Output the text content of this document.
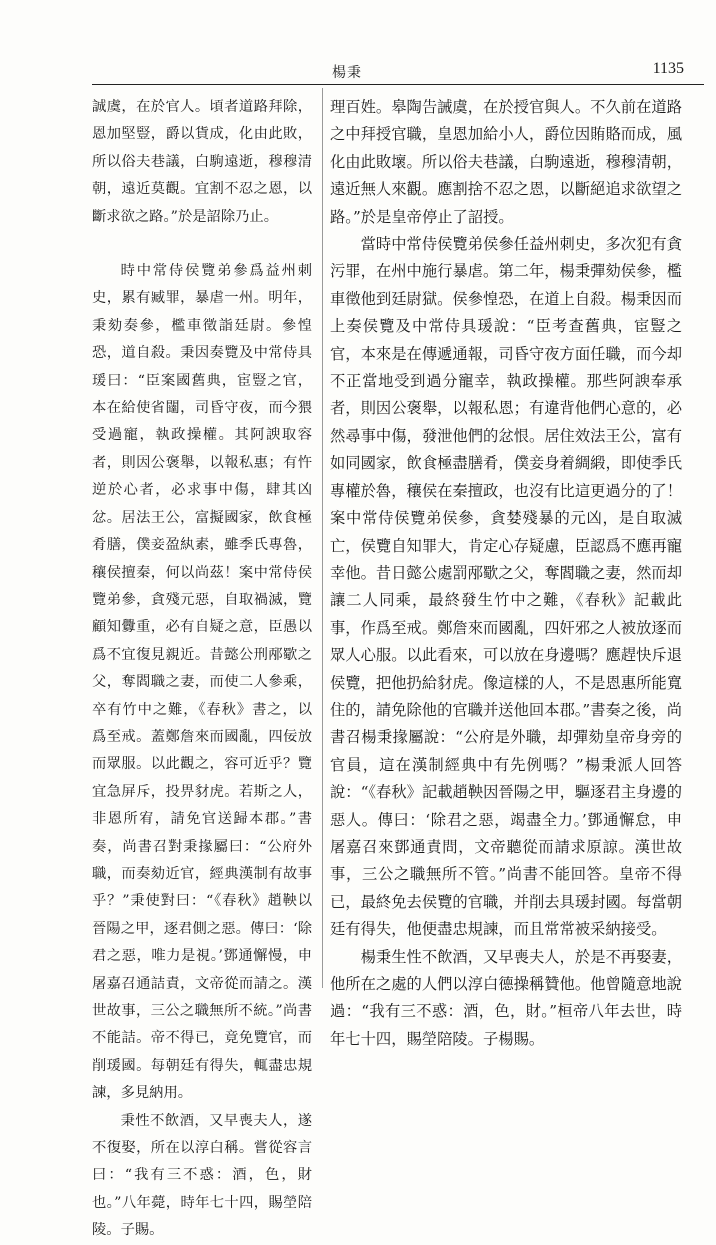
楊秉	1135

誠虞，在於官人。頃者道路拜除，恩加堅豎，爵以貨成，化由此敗，所以俗夫巷議，白駒遠逝，穆穆清朝，遠近莫觀。宜割不忍之恩，以斷求欲之路。”於是詔除乃止。

時中常侍侯覽弟參爲益州刺史，累有臧罪，暴虐一州。明年，秉劾奏參，檻車徵詣廷尉。參惶恐，道自殺。秉因奏覽及中常侍具瑗曰：“臣案國舊典，宦豎之官，本在給使省闥，司昏守夜，而今猥受過寵，執政操權。其阿諛取容者，則因公褒舉，以報私惠；有忤逆於心者，必求事中傷，肆其凶忿。居法王公，富擬國家，飲食極肴膳，僕妾盈紈素，雖季氏專魯，穰侯擅秦，何以尚茲！案中常侍侯覽弟參，貪殘元惡，自取禍滅，覽顧知釁重，必有自疑之意，臣愚以爲不宜復見親近。昔懿公刑邴歜之父，奪閻職之妻，而使二人參乘，卒有竹中之難，《春秋》書之，以爲至戒。蓋鄭詹來而國亂，四佞放而眾服。以此觀之，容可近乎？覽宜急屏斥，投畀豺虎。若斯之人，非恩所宥，請免官送歸本郡。”書奏，尚書召對秉掾屬曰：“公府外職，而奏劾近官，經典漢制有故事乎？”秉使對曰：“《春秋》趙鞅以晉陽之甲，逐君側之惡。傳曰：‘除君之惡，唯力是視。’鄧通懈慢，申屠嘉召通詰責，文帝從而請之。漢世故事，三公之職無所不統。”尚書不能詰。帝不得已，竟免覽官，而削瑗國。每朝廷有得失，輒盡忠規諫，多見納用。

秉性不飲酒，又早喪夫人，遂不復娶，所在以淳白稱。嘗從容言曰：“我有三不惑：酒，色，財也。”八年薨，時年七十四，賜塋陪陵。子賜。

理百姓。皋陶告誡虞，在於授官與人。不久前在道路之中拜授官職，皇恩加給小人，爵位因賄賂而成，風化由此敗壞。所以俗夫巷議，白駒遠逝，穆穆清朝，遠近無人來觀。應割捨不忍之恩，以斷絕追求欲望之路。”於是皇帝停止了詔授。

當時中常侍侯覽弟侯參任益州刺史，多次犯有貪污罪，在州中施行暴虐。第二年，楊秉彈劾侯參，檻車徵他到廷尉獄。侯參惶恐，在道上自殺。楊秉因而上奏侯覽及中常侍具瑗說：“臣考查舊典，宦豎之官，本來是在傳遞通報，司昏守夜方面任職，而今却不正當地受到過分寵幸，執政操權。那些阿諛奉承者，則因公褒舉，以報私恩；有違背他們心意的，必然尋事中傷，發泄他們的忿恨。居住效法王公，富有如同國家，飲食極盡膳肴，僕妾身着綢緞，即使季氏專權於魯，穰侯在秦擅政，也沒有比這更過分的了！案中常侍侯覽弟侯參，貪婪殘暴的元凶，是自取滅亡，侯覽自知罪大，肯定心存疑慮，臣認爲不應再寵幸他。昔日懿公處罰邴歜之父，奪閻職之妻，然而却讓二人同乘，最終發生竹中之難，《春秋》記載此事，作爲至戒。鄭詹來而國亂，四奸邪之人被放逐而眾人心服。以此看來，可以放在身邊嗎？應趕快斥退侯覽，把他扔給豺虎。像這樣的人，不是恩惠所能寬住的，請免除他的官職并送他回本郡。”書奏之後，尚書召楊秉掾屬說：“公府是外職，却彈劾皇帝身旁的官員，這在漢制經典中有先例嗎？”楊秉派人回答說：“《春秋》記載趙鞅因晉陽之甲，驅逐君主身邊的惡人。傳曰：‘除君之惡，竭盡全力。’鄧通懈怠，申屠嘉召來鄧通責問，文帝聽從而請求原諒。漢世故事，三公之職無所不管。”尚書不能回答。皇帝不得已，最終免去侯覽的官職，并削去具瑗封國。每當朝廷有得失，他便盡忠規諫，而且常常被采納接受。

楊秉生性不飲酒，又早喪夫人，於是不再娶妻，他所在之處的人們以淳白德操稱贊他。他曾隨意地說過：“我有三不惑：酒，色，財。”桓帝八年去世，時年七十四，賜塋陪陵。子楊賜。
